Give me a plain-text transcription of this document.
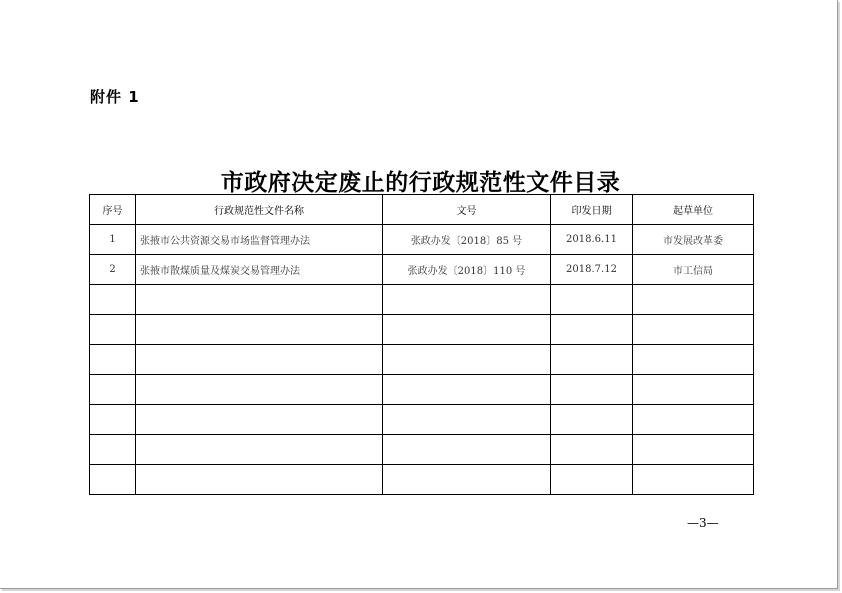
附件 1
市政府决定废止的行政规范性文件目录
序号	行政规范性文件名称	文号	印发日期	起草单位
1	张掖市公共资源交易市场监督管理办法	张政办发〔2018〕85 号	2018.6.11	市发展改革委
2	张掖市散煤质量及煤炭交易管理办法	张政办发〔2018〕110 号	2018.7.12	市工信局

—3—
